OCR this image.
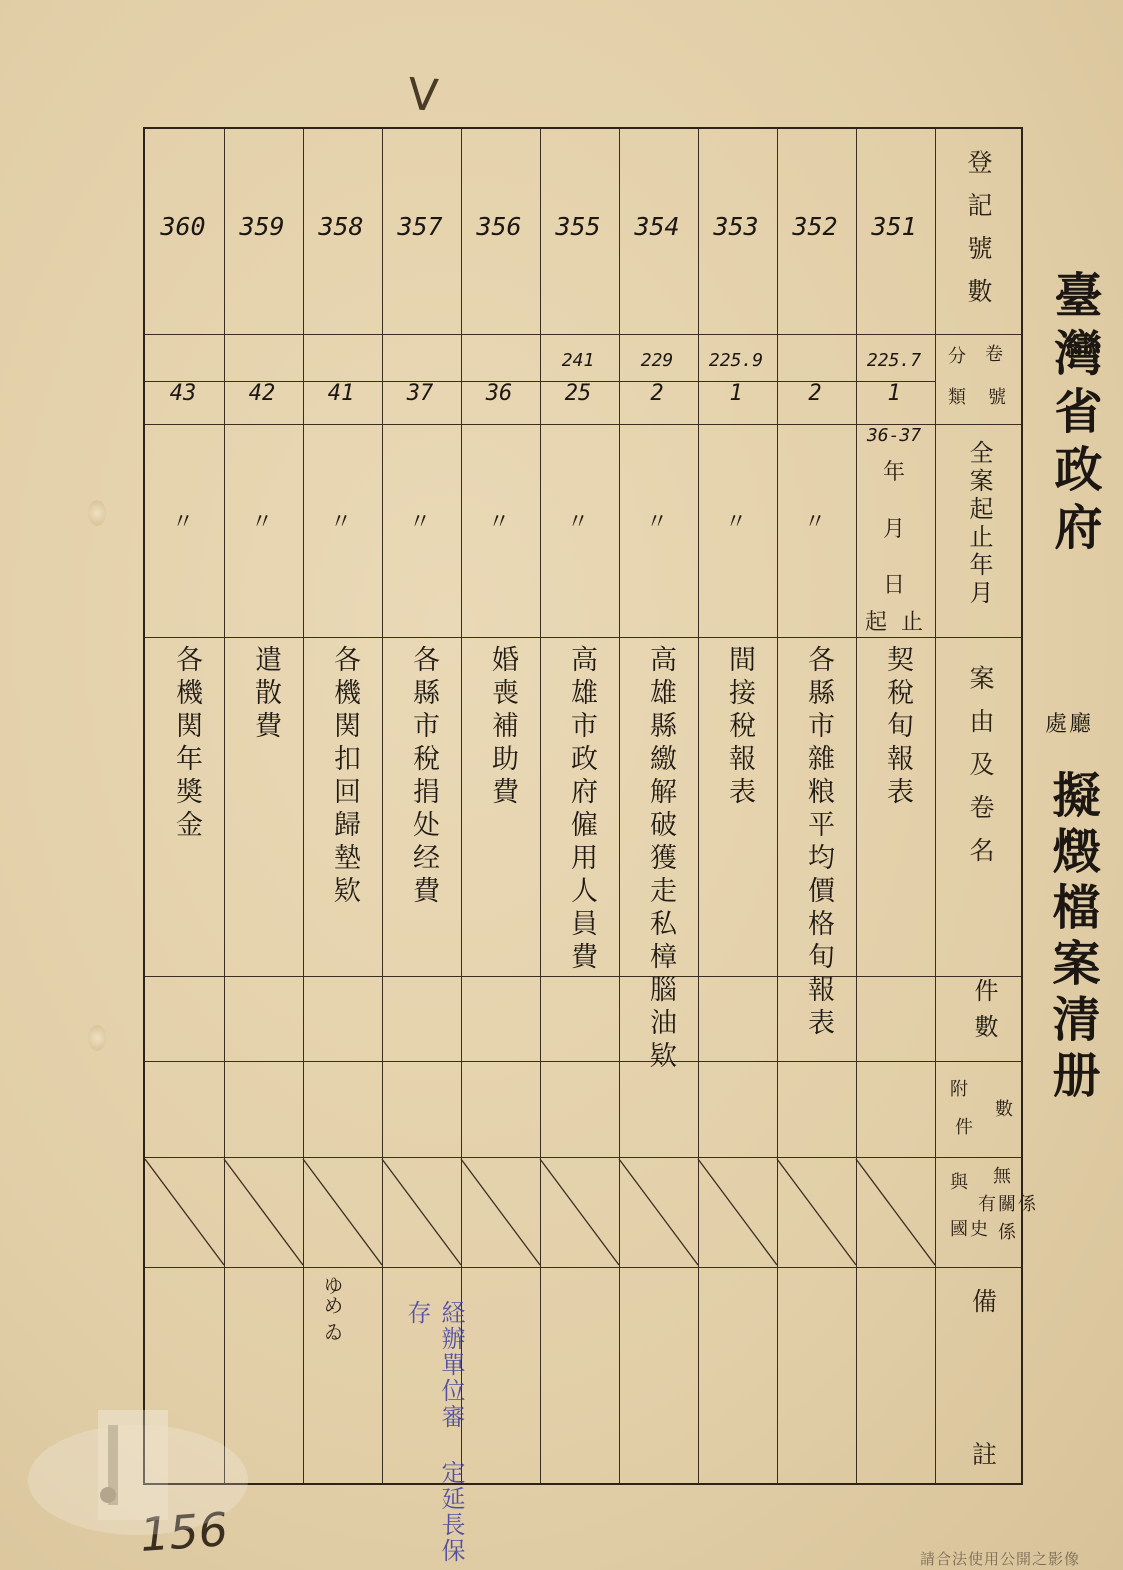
V
臺灣省政府
處廳
擬燬檔案清册
登記號數
卷
分
號
類
全案起止年月
案由及卷名
件數
數
附
件
無
有關係
與
國史 係
備
註
351
225.7
1
36-37
年
月
日
止
起
契稅旬報表
352
2
〃
各縣市雜粮平均價格旬報表
353
225.9
1
〃
間接稅報表
354
229
2
〃
高雄縣繳解破獲走私樟腦油欵
355
241
25
〃
高雄市政府僱用人員費
356
36
〃
婚喪補助費
357
37
〃
各縣市稅捐处经費
358
41
〃
各機関扣回歸墊欵
359
42
〃
遣散費
360
43
〃
各機関年奬金
ゆめ ゐ	経辦單位審 定延長保存
156	請合法使用公開之影像
